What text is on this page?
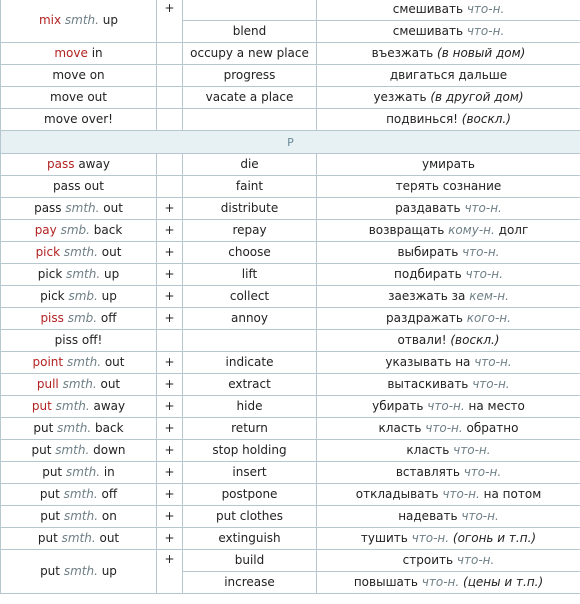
mix smth. up	+		смешивать что-н.
		blend	смешивать что-н.
move in		occupy a new place	въезжать (в новый дом)
move on		progress	двигаться дальше
move out		vacate a place	уезжать (в другой дом)
move over!			подвинься! (воскл.)
P			
pass away		die	умирать
pass out		faint	терять сознание
pass smth. out	+	distribute	раздавать что-н.
pay smb. back	+	repay	возвращать кому-н. долг
pick smth. out	+	choose	выбирать что-н.
pick smth. up	+	lift	подбирать что-н.
pick smb. up	+	collect	заезжать за кем-н.
piss smb. off	+	annoy	раздражать кого-н.
piss off!			отвали! (воскл.)
point smth. out	+	indicate	указывать на что-н.
pull smth. out	+	extract	вытаскивать что-н.
put smth. away	+	hide	убирать что-н. на место
put smth. back	+	return	класть что-н. обратно
put smth. down	+	stop holding	класть что-н.
put smth. in	+	insert	вставлять что-н.
put smth. off	+	postpone	откладывать что-н. на потом
put smth. on	+	put clothes	надевать что-н.
put smth. out	+	extinguish	тушить что-н. (огонь и т.п.)
put smth. up	+	build	строить что-н.
		increase	повышать что-н. (цены и т.п.)
